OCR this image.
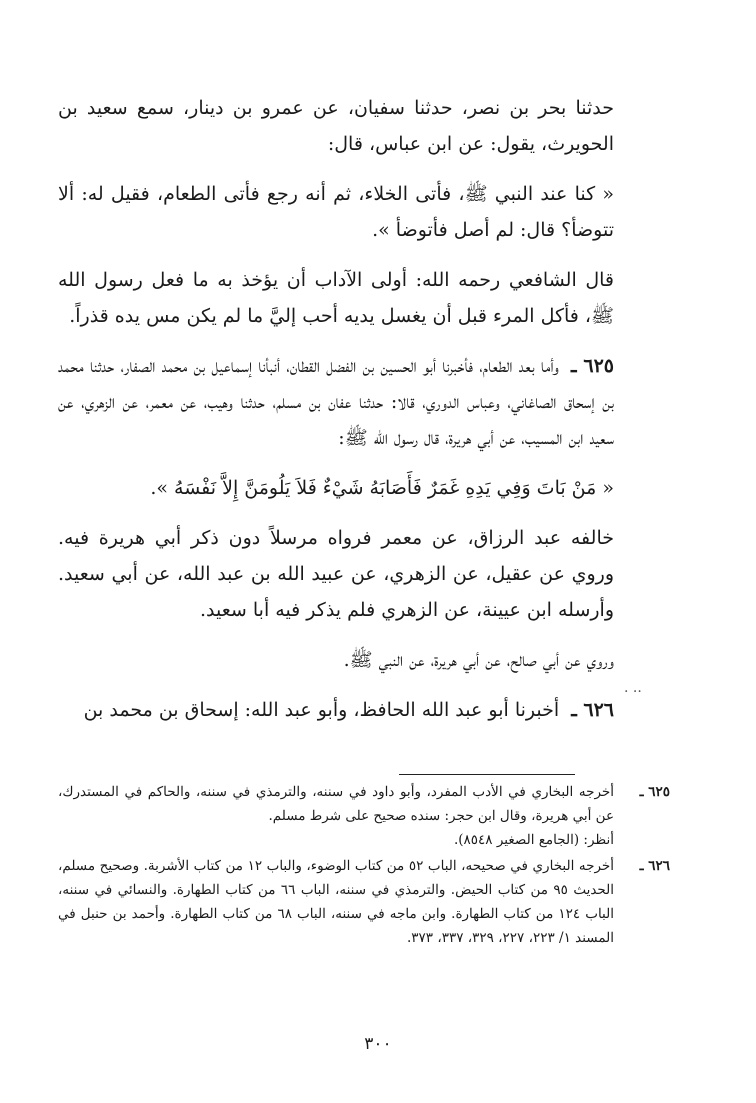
حدثنا بحر بن نصر، حدثنا سفيان، عن عمرو بن دينار، سمع سعيد بن الحويرث، يقول: عن ابن عباس، قال:

« كنا عند النبي ﷺ، فأتى الخلاء، ثم أنه رجع فأتى الطعام، فقيل له: ألا تتوضأ؟ قال: لم أصل فأتوضأ ».

قال الشافعي رحمه الله: أولى الآداب أن يؤخذ به ما فعل رسول الله ﷺ، فأكل المرء قبل أن يغسل يديه أحب إليَّ ما لم يكن مس يده قذراً.

٦٢٥ ـ وأما بعد الطعام، فأخبرنا أبو الحسين بن الفضل القطان، أنبأنا إسماعيل بن محمد الصفار، حدثنا محمد بن إسحاق الصاغاني، وعباس الدوري، قالا: حدثنا عفان بن مسلم، حدثنا وهيب، عن معمر، عن الزهري، عن سعيد ابن المسيب، عن أبي هريرة، قال رسول الله ﷺ:

« مَنْ بَاتَ وَفِي يَدِهِ غَمَرٌ فَأَصَابَهُ شَيْءٌ فَلاَ يَلُومَنَّ إِلاَّ نَفْسَهُ ».

خالفه عبد الرزاق، عن معمر فرواه مرسلاً دون ذكر أبي هريرة فيه. وروي عن عقيل، عن الزهري، عن عبيد الله بن عبد الله، عن أبي سعيد. وأرسله ابن عيينة، عن الزهري فلم يذكر فيه أبا سعيد.

وروي عن أبي صالح، عن أبي هريرة، عن النبي ﷺ.

٦٢٦ ـ أخبرنا أبو عبد الله الحافظ، وأبو عبد الله: إسحاق بن محمد بن

. ..
٦٢٥ ـ
أخرجه البخاري في الأدب المفرد، وأبو داود في سننه، والترمذي في سننه، والحاكم في المستدرك، عن أبي هريرة، وقال ابن حجر: سنده صحيح على شرط مسلم.
أنظر: (الجامع الصغير ٨٥٤٨).
٦٢٦ ـ
أخرجه البخاري في صحيحه، الباب ٥٢ من كتاب الوضوء، والباب ١٢ من كتاب الأشربة. وصحيح مسلم، الحديث ٩٥ من كتاب الحيض. والترمذي في سننه، الباب ٦٦ من كتاب الطهارة. والنسائي في سننه، الباب ١٢٤ من كتاب الطهارة. وابن ماجه في سننه، الباب ٦٨ من كتاب الطهارة. وأحمد بن حنبل في المسند ١/ ٢٢٣، ٢٢٧، ٣٢٩، ٣٣٧، ٣٧٣.
٣٠٠
